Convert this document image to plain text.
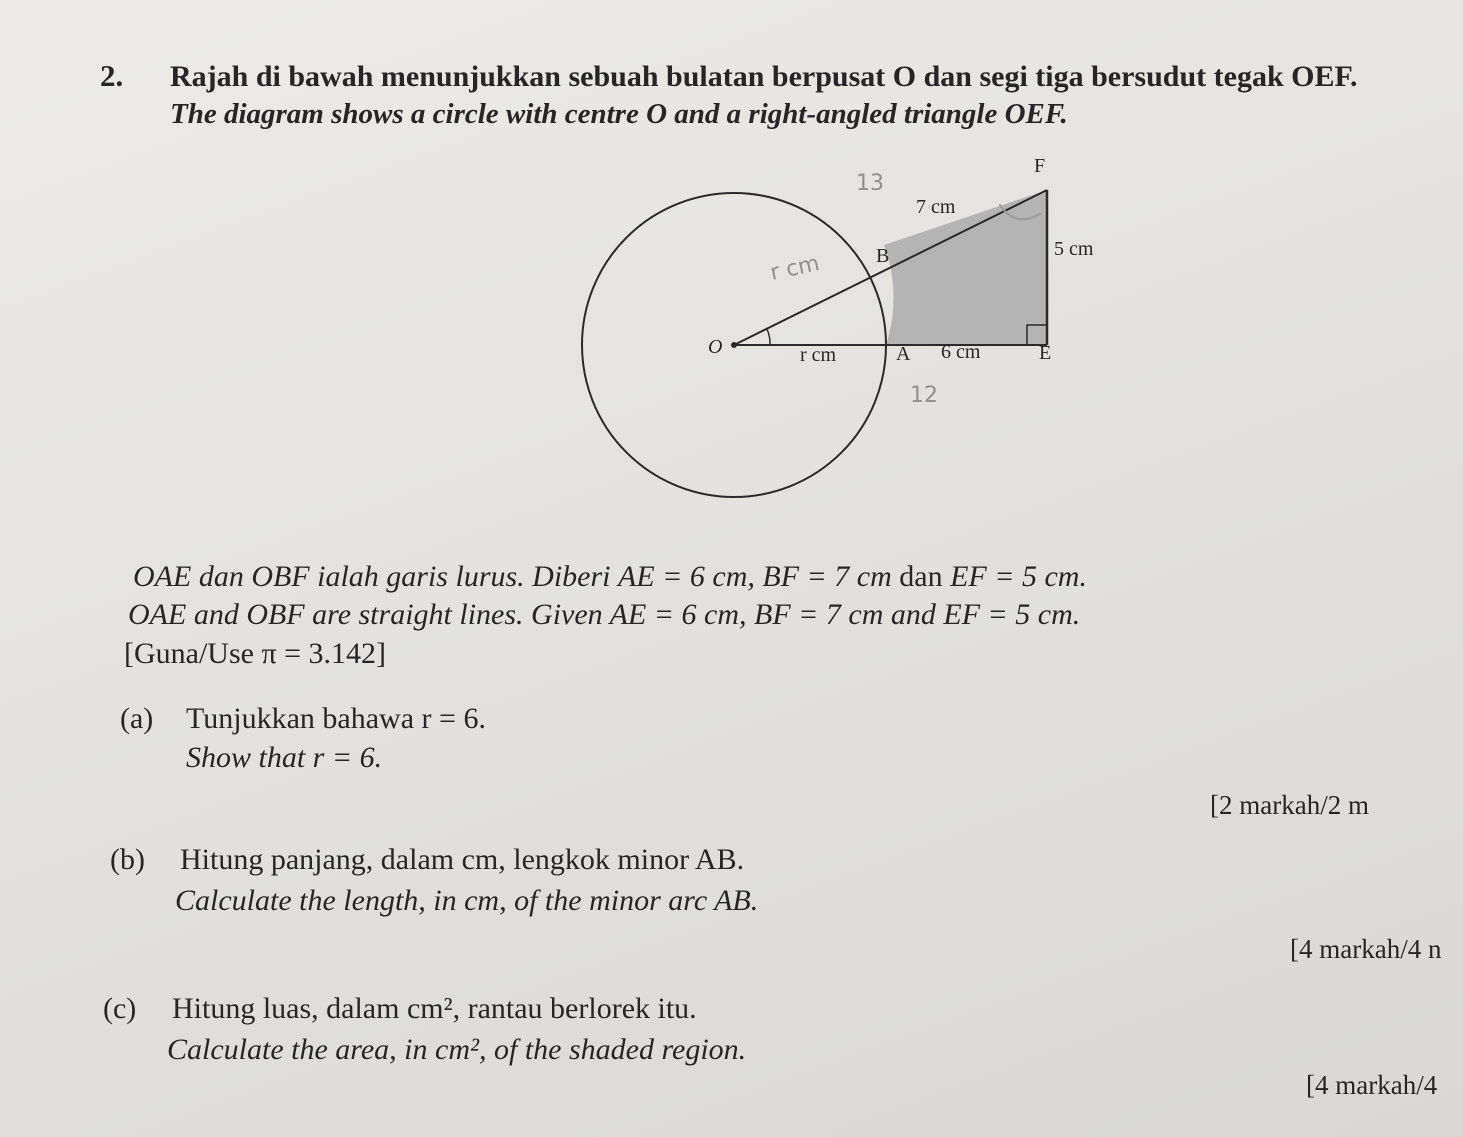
2. Rajah di bawah menunjukkan sebuah bulatan berpusat O dan segi tiga bersudut tegak OEF.
The diagram shows a circle with centre O and a right-angled triangle OEF.
O	A
B
E
F
r cm	6 cm
7 cm
5 cm
13
r cm
12
OAE dan OBF ialah garis lurus. Diberi AE = 6 cm, BF = 7 cm dan EF = 5 cm.
OAE and OBF are straight lines. Given AE = 6 cm, BF = 7 cm and EF = 5 cm.
[Guna/Use π = 3.142]
(a) Tunjukkan bahawa r = 6.
Show that r = 6.
[2 markah/2 m
(b) Hitung panjang, dalam cm, lengkok minor AB.
Calculate the length, in cm, of the minor arc AB.
[4 markah/4 n
(c) Hitung luas, dalam cm², rantau berlorek itu.
Calculate the area, in cm², of the shaded region.
[4 markah/4
